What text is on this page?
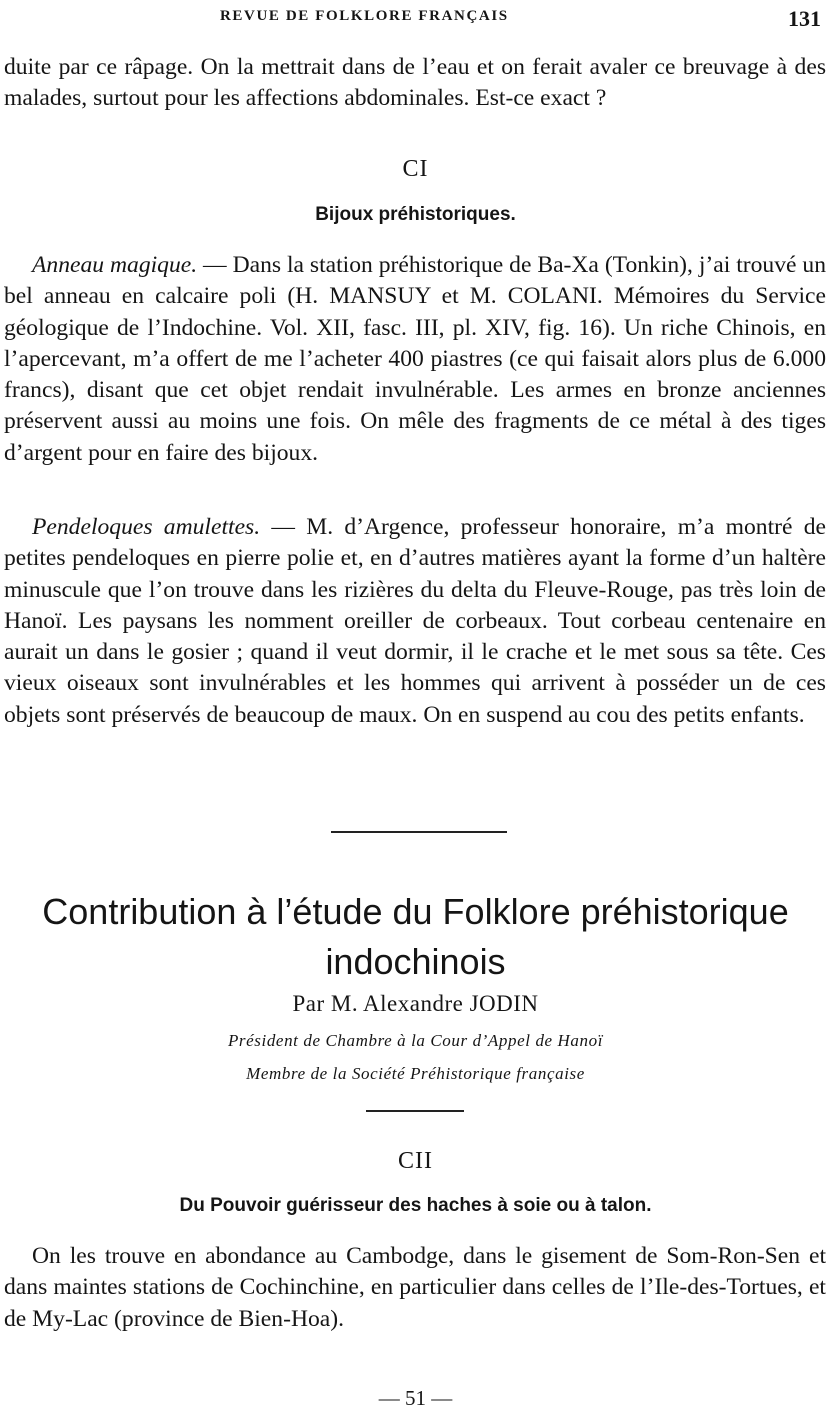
REVUE DE FOLKLORE FRANÇAIS	131

duite par ce râpage. On la mettrait dans de l’eau et on ferait avaler ce breuvage à des malades, surtout pour les affections abdominales. Est-ce exact ?

CI
Bijoux préhistoriques.

Anneau magique. — Dans la station préhistorique de Ba-Xa (Tonkin), j’ai trouvé un bel anneau en calcaire poli (H. MANSUY et M. COLANI. Mémoires du Service géologique de l’Indochine. Vol. XII, fasc. III, pl. XIV, fig. 16). Un riche Chinois, en l’apercevant, m’a offert de me l’acheter 400 piastres (ce qui faisait alors plus de 6.000 francs), disant que cet objet rendait invulnérable. Les armes en bronze anciennes préservent aussi au moins une fois. On mêle des fragments de ce métal à des tiges d’argent pour en faire des bijoux.

Pendeloques amulettes. — M. d’Argence, professeur honoraire, m’a montré de petites pendeloques en pierre polie et, en d’autres matières ayant la forme d’un haltère minuscule que l’on trouve dans les rizières du delta du Fleuve-Rouge, pas très loin de Hanoï. Les paysans les nomment oreiller de corbeaux. Tout corbeau centenaire en aurait un dans le gosier ; quand il veut dormir, il le crache et le met sous sa tête. Ces vieux oiseaux sont invulnérables et les hommes qui arrivent à posséder un de ces objets sont préservés de beaucoup de maux. On en suspend au cou des petits enfants.

Contribution à l’étude du Folklore préhistorique
indochinois
Par M. Alexandre JODIN
Président de Chambre à la Cour d’Appel de Hanoï
Membre de la Société Préhistorique française
CII
Du Pouvoir guérisseur des haches à soie ou à talon.

On les trouve en abondance au Cambodge, dans le gisement de Som-Ron-Sen et dans maintes stations de Cochinchine, en particulier dans celles de l’Ile-des-Tortues, et de My-Lac (province de Bien-Hoa).

— 51 —
